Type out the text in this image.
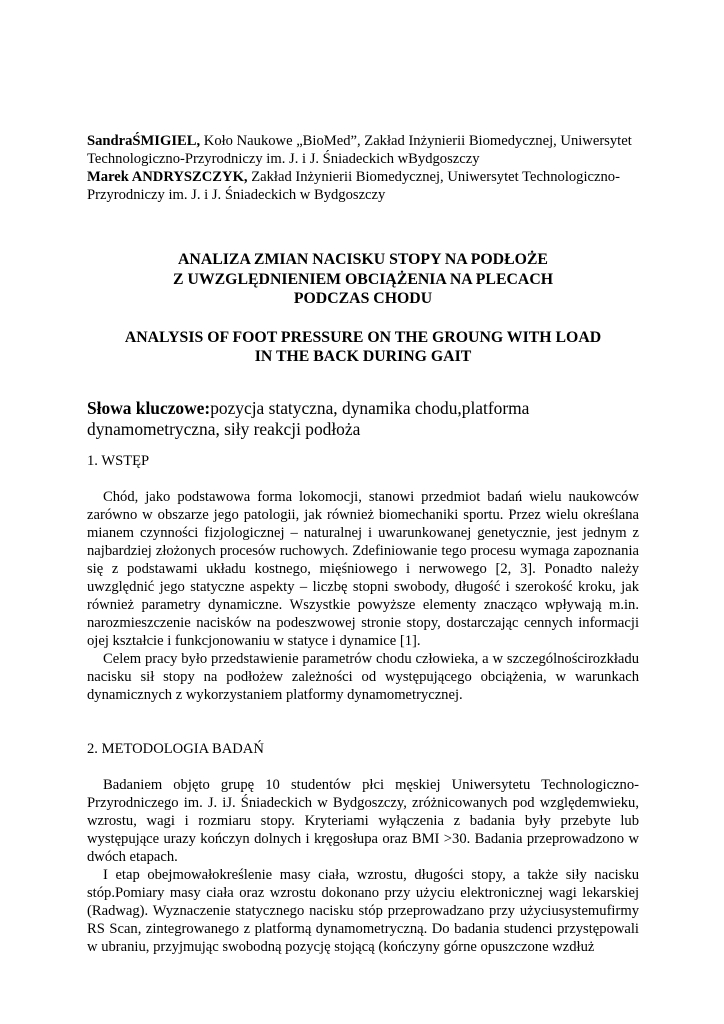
SandraŚMIGIEL, Koło Naukowe „BioMed”, Zakład Inżynierii Biomedycznej, Uniwersytet Technologiczno-Przyrodniczy im. J. i J. Śniadeckich wBydgoszczy

Marek ANDRYSZCZYK, Zakład Inżynierii Biomedycznej, Uniwersytet Technologiczno-Przyrodniczy im. J. i J. Śniadeckich w Bydgoszczy

ANALIZA ZMIAN NACISKU STOPY NA PODŁOŻE
Z UWZGLĘDNIENIEM OBCIĄŻENIA NA PLECACH
PODCZAS CHODU
ANALYSIS OF FOOT PRESSURE ON THE GROUNG WITH LOAD
IN THE BACK DURING GAIT
Słowa kluczowe:pozycja statyczna, dynamika chodu,platforma dynamometryczna, siły reakcji podłoża

1. WSTĘP

Chód, jako podstawowa forma lokomocji, stanowi przedmiot badań wielu naukowców zarówno w obszarze jego patologii, jak również biomechaniki sportu. Przez wielu określana mianem czynności fizjologicznej – naturalnej i uwarunkowanej genetycznie, jest jednym z najbardziej złożonych procesów ruchowych. Zdefiniowanie tego procesu wymaga zapoznania się z podstawami układu kostnego, mięśniowego i nerwowego [2, 3]. Ponadto należy uwzględnić jego statyczne aspekty – liczbę stopni swobody, długość i szerokość kroku, jak również parametry dynamiczne. Wszystkie powyższe elementy znacząco wpływają m.in. narozmieszczenie nacisków na podeszwowej stronie stopy, dostarczając cennych informacji ojej kształcie i funkcjonowaniu w statyce i dynamice [1].

Celem pracy było przedstawienie parametrów chodu człowieka, a w szczególnościrozkładu nacisku sił stopy na podłożew zależności od występującego obciążenia, w warunkach dynamicznych z wykorzystaniem platformy dynamometrycznej.

2. METODOLOGIA BADAŃ

Badaniem objęto grupę 10 studentów płci męskiej Uniwersytetu Technologiczno-Przyrodniczego im. J. iJ. Śniadeckich w Bydgoszczy, zróżnicowanych pod względemwieku, wzrostu, wagi i rozmiaru stopy. Kryteriami wyłączenia z badania były przebyte lub występujące urazy kończyn dolnych i kręgosłupa oraz BMI >30. Badania przeprowadzono w dwóch etapach.

I etap obejmowałokreślenie masy ciała, wzrostu, długości stopy, a także siły nacisku stóp.Pomiary masy ciała oraz wzrostu dokonano przy użyciu elektronicznej wagi lekarskiej (Radwag). Wyznaczenie statycznego nacisku stóp przeprowadzano przy użyciusystemufirmy RS Scan, zintegrowanego z platformą dynamometryczną. Do badania studenci przystępowali w ubraniu, przyjmując swobodną pozycję stojącą (kończyny górne opuszczone wzdłuż
